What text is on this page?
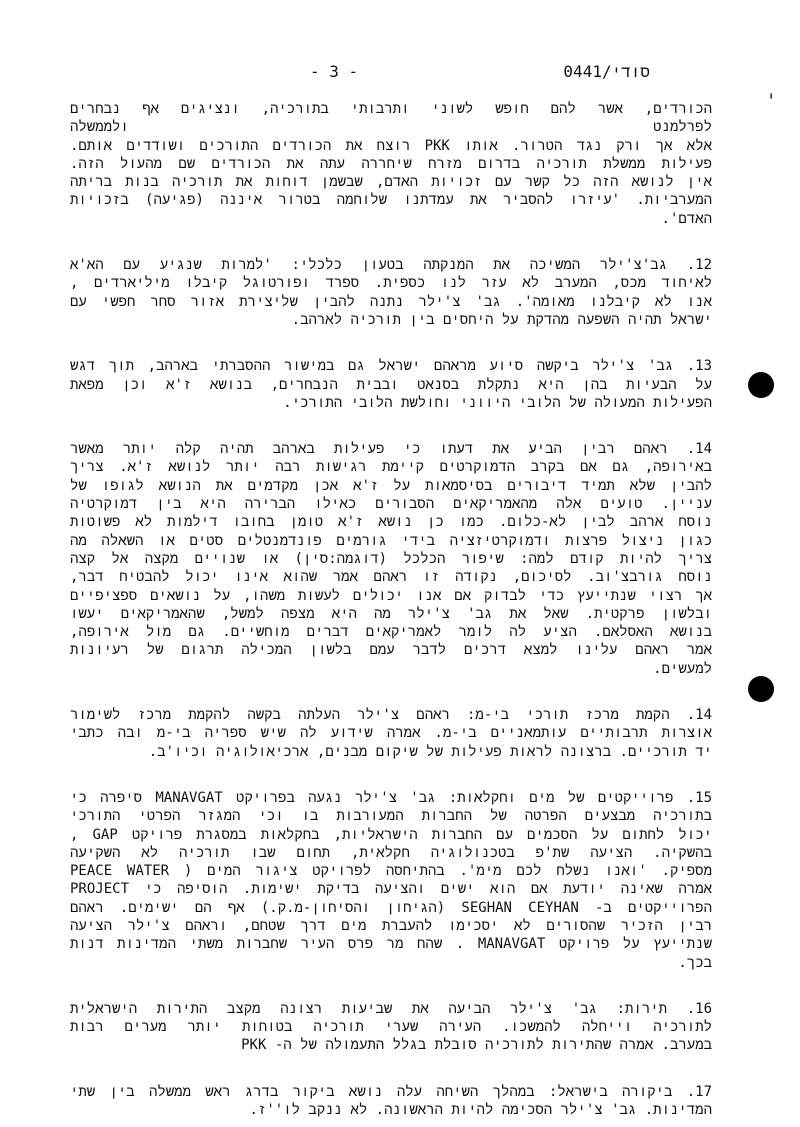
סודי/0441
- 3 -
י
הכורדים, אשר להם חופש לשוני ותרבותי בתורכיה, ונציגים אף נבחרים
לפרלמנט ולממשלה
אלא אך ורק נגד הטרור. אותו PKK רוצח את הכורדים התורכים ושודדים אותם.
פעילות ממשלת תורכיה בדרום מזרח שיחררה עתה את הכורדים שם מהעול הזה.
אין לנושא הזה כל קשר עם זכויות האדם, שבשמן דוחות את תורכיה בנות בריתה
המערביות. 'עיזרו להסביר את עמדתנו שלוחמה בטרור איננה (פגיעה) בזכויות
האדם'.
12. גב'צ'ילר המשיכה את המנקתה בטעון כלכלי: 'למרות שנגיע עם הא'א
לאיחוד מכס, המערב לא עזר לנו כספית. ספרד ופורטוגל קיבלו מיליארדים ,
אנו לא קיבלנו מאומה'. גב' צ'ילר נתנה להבין שליצירת אזור סחר חפשי עם
ישראל תהיה השפעה מהדקת על היחסים בין תורכיה לארהב.
13. גב' צ'ילר ביקשה סיוע מראהם ישראל גם במישור ההסברתי בארהב, תוך דגש
על הבעיות בהן היא נתקלת בסנאט ובבית הנבחרים, בנושא ז'א וכן מפאת
הפעילות המעולה של הלובי היווני וחולשת הלובי התורכי.
14. ראהם רבין הביע את דעתו כי פעילות בארהב תהיה קלה יותר מאשר
באירופה, גם אם בקרב הדמוקרטים קיימת רגישות רבה יותר לנושא ז'א. צריך
להבין שלא תמיד דיבורים בסיסמאות על ז'א אכן מקדמים את הנושא לגופו של
עניין. טועים אלה מהאמריקאים הסבורים כאילו הברירה היא בין דמוקרטיה
נוסח ארהב לבין לא-כלום. כמו כן נושא ז'א טומן בחובו דילמות לא פשוטות
כגון ניצול פרצות ודמוקרטיזציה בידי גורמים פונדמנטלים סטים או השאלה מה
צריך להיות קודם למה: שיפור הכלכל (דוגמה:סין) או שנויים מקצה אל קצה
נוסח גורבצ'וב. לסיכום, נקודה זו ראהם אמר שהוא אינו יכול להבטיח דבר,
אך רצוי שנתייעץ כדי לבדוק אם אנו יכולים לעשות משהו, על נושאים ספציפיים
ובלשון פרקטית. שאל את גב' צ'ילר מה היא מצפה למשל, שהאמריקאים יעשו
בנושא האסלאם. הציע לה לומר לאמריקאים דברים מוחשיים. גם מול אירופה,
אמר ראהם עלינו למצא דרכים לדבר עמם בלשון המכילה תרגום של רעיונות
למעשים.
14. הקמת מרכז תורכי בי-מ: ראהם צ'ילר העלתה בקשה להקמת מרכז לשימור
אוצרות תרבותיים עותמאניים בי-מ. אמרה שידוע לה שיש ספריה בי-מ ובה כתבי
יד תורכיים. ברצונה לראות פעילות של שיקום מבנים, ארכיאולוגיה וכיו'ב.
15. פרוייקטים של מים וחקלאות: גב' צ'ילר נגעה בפרויקט MANAVGAT סיפרה כי
בתורכיה מבצעים הפרטה של החברות המעורבות בו וכי המגזר הפרטי התורכי
יכול לחתום על הסכמים עם החברות הישראליות, בחקלאות במסגרת פרויקט GAP ,
בהשקיה. הציעה שת'פ בטכנולוגיה חקלאית, תחום שבו תורכיה לא השקיעה
מספיק. 'ואנו נשלח לכם מימ'. בהתיחסה לפרויקט ציגור המים ( PEACE WATER
PROJECT אמרה שאינה יודעת אם הוא ישים והציעה בדיקת ישימות. הוסיפה כי
הפרוייקטים ב- SEGHAN CEYHAN (הגיחון והסיחון-מ.ק.) אף הם ישימים. ראהם
רבין הזכיר שהסורים לא יסכימו להעברת מים דרך שטחם, וראהם צ'ילר הציעה
שנתייעץ על פרויקט MANAVGAT . שהח מר פרס העיר שחברות משתי המדינות דנות
בכך.
16. תירות: גב' צ'ילר הביעה את שביעות רצונה מקצב התירות הישראלית
לתורכיה וייחלה להמשכו. העירה שערי תורכיה בטוחות יותר מערים רבות
במערב. אמרה שהתירות לתורכיה סובלת בגלל התעמולה של ה- PKK
17. ביקורה בישראל: במהלך השיחה עלה נושא ביקור בדרג ראש ממשלה בין שתי
המדינות. גב' צ'ילר הסכימה להיות הראשונה. לא ננקב לו''ז.
